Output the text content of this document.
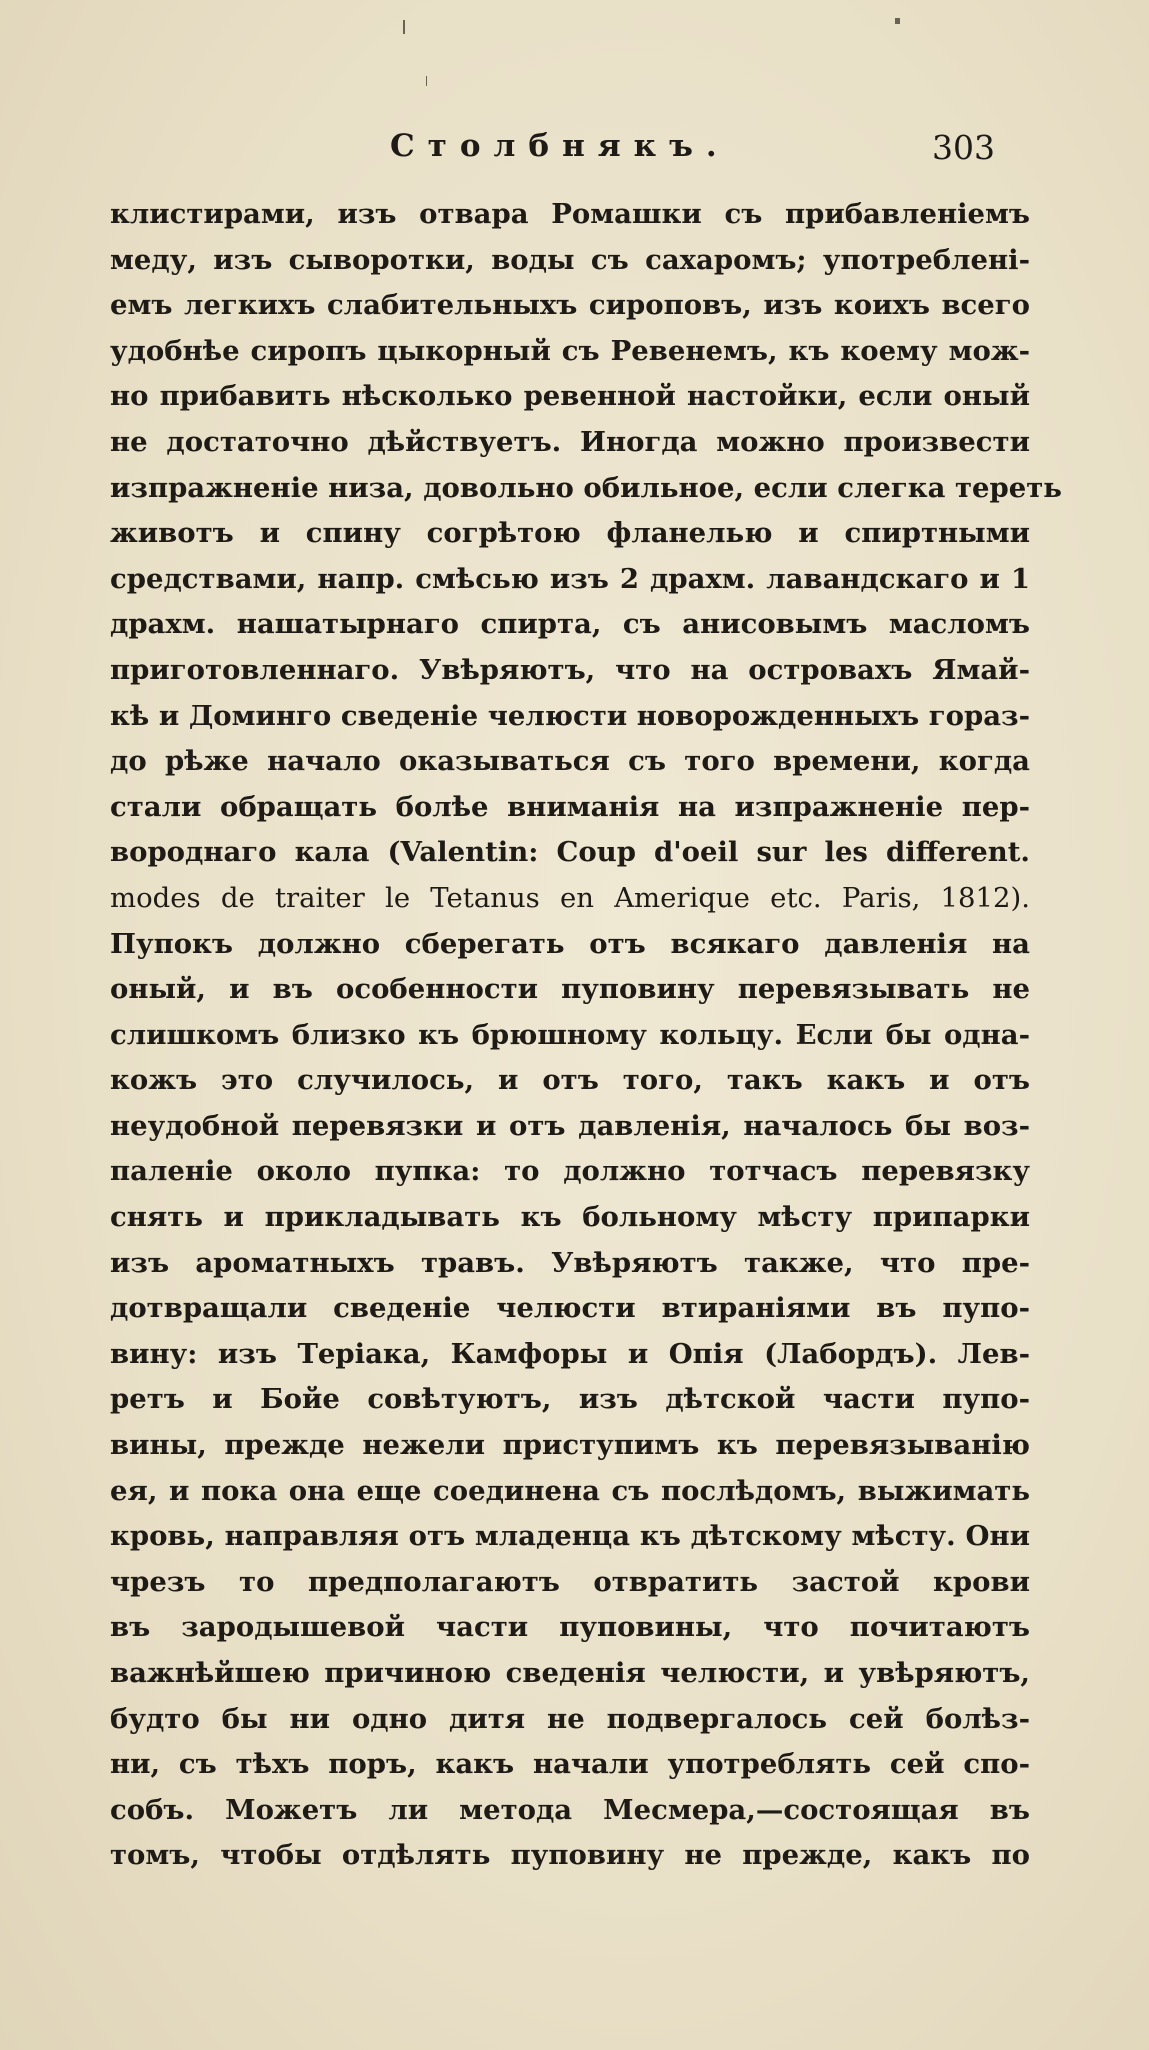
Столбнякъ.	303
клистирами, изъ отвара Ромашки съ прибавленіемъ
меду, изъ сыворотки, воды съ сахаромъ; употребленi-
емъ легкихъ слабительныхъ сироповъ, изъ коихъ всего
удобнѣе сиропъ цыкорный съ Ревенемъ, къ коему мож-
но прибавить нѣсколько ревенной настойки, если оный
не достаточно дѣйствуетъ. Иногда можно произвести
изпражненіе низа, довольно обильное, если слегка тереть
животъ и спину согрѣтою фланелью и спиртными
средствами, напр. смѣсью изъ 2 драхм. лавандскаго и 1
драхм. нашатырнаго спирта, съ анисовымъ масломъ
приготовленнаго. Увѣряютъ, что на островахъ Ямай-
кѣ и Доминго сведеніе челюсти новорожденныхъ гораз-
до рѣже начало оказываться съ того времени, когда
стали обращать болѣе вниманія на изпражненіе пер-
вороднаго кала (Valentin: Coup d'oeil sur les different.
modes de traiter le Tetanus en Amerique etc. Paris, 1812).
Пупокъ должно сберегать отъ всякаго давленія на
оный, и въ особенности пуповину перевязывать не
слишкомъ близко къ брюшному кольцу. Если бы одна-
кожъ это случилось, и отъ того, такъ какъ и отъ
неудобной перевязки и отъ давленія, началось бы воз-
паленіе около пупка: то должно тотчасъ перевязку
снять и прикладывать къ больному мѣсту припарки
изъ ароматныхъ травъ. Увѣряютъ также, что пре-
дотвращали сведеніе челюсти втираніями въ пупо-
вину: изъ Теріака, Камфоры и Опія (Лабордъ). Лев-
ретъ и Бойе совѣтуютъ, изъ дѣтской части пупо-
вины, прежде нежели приступимъ къ перевязыванію
ея, и пока она еще соединена съ послѣдомъ, выжимать
кровь, направляя отъ младенца къ дѣтскому мѣсту. Они
чрезъ то предполагаютъ отвратить застой крови
въ зародышевой части пуповины, что почитаютъ
важнѣйшею причиною сведенія челюсти, и увѣряютъ,
будто бы ни одно дитя не подвергалось сей болѣз-
ни, съ тѣхъ поръ, какъ начали употреблять сей спо-
собъ. Можетъ ли метода Месмера,—состоящая въ
томъ, чтобы отдѣлять пуповину не прежде, какъ по
